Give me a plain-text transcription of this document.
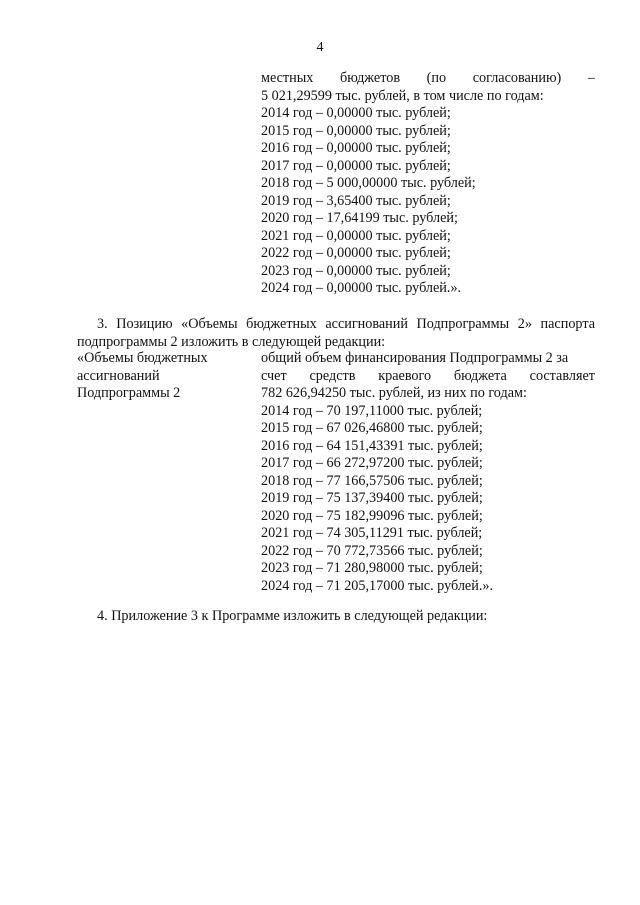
4
местных бюджетов (по согласованию) –
5 021,29599 тыс. рублей, в том числе по годам:
2014 год – 0,00000 тыс. рублей;
2015 год – 0,00000 тыс. рублей;
2016 год – 0,00000 тыс. рублей;
2017 год – 0,00000 тыс. рублей;
2018 год – 5 000,00000 тыс. рублей;
2019 год – 3,65400 тыс. рублей;
2020 год – 17,64199 тыс. рублей;
2021 год – 0,00000 тыс. рублей;
2022 год – 0,00000 тыс. рублей;
2023 год – 0,00000 тыс. рублей;
2024 год – 0,00000 тыс. рублей.».
3. Позицию «Объемы бюджетных ассигнований Подпрограммы 2» паспорта
подпрограммы 2 изложить в следующей редакции:
«Объемы бюджетных
ассигнований
Подпрограммы 2
общий объем финансирования Подпрограммы 2 за
счет средств краевого бюджета составляет
782 626,94250 тыс. рублей, из них по годам:
2014 год – 70 197,11000 тыс. рублей;
2015 год – 67 026,46800 тыс. рублей;
2016 год – 64 151,43391 тыс. рублей;
2017 год – 66 272,97200 тыс. рублей;
2018 год – 77 166,57506 тыс. рублей;
2019 год – 75 137,39400 тыс. рублей;
2020 год – 75 182,99096 тыс. рублей;
2021 год – 74 305,11291 тыс. рублей;
2022 год – 70 772,73566 тыс. рублей;
2023 год – 71 280,98000 тыс. рублей;
2024 год – 71 205,17000 тыс. рублей.».
4. Приложение 3 к Программе изложить в следующей редакции:
